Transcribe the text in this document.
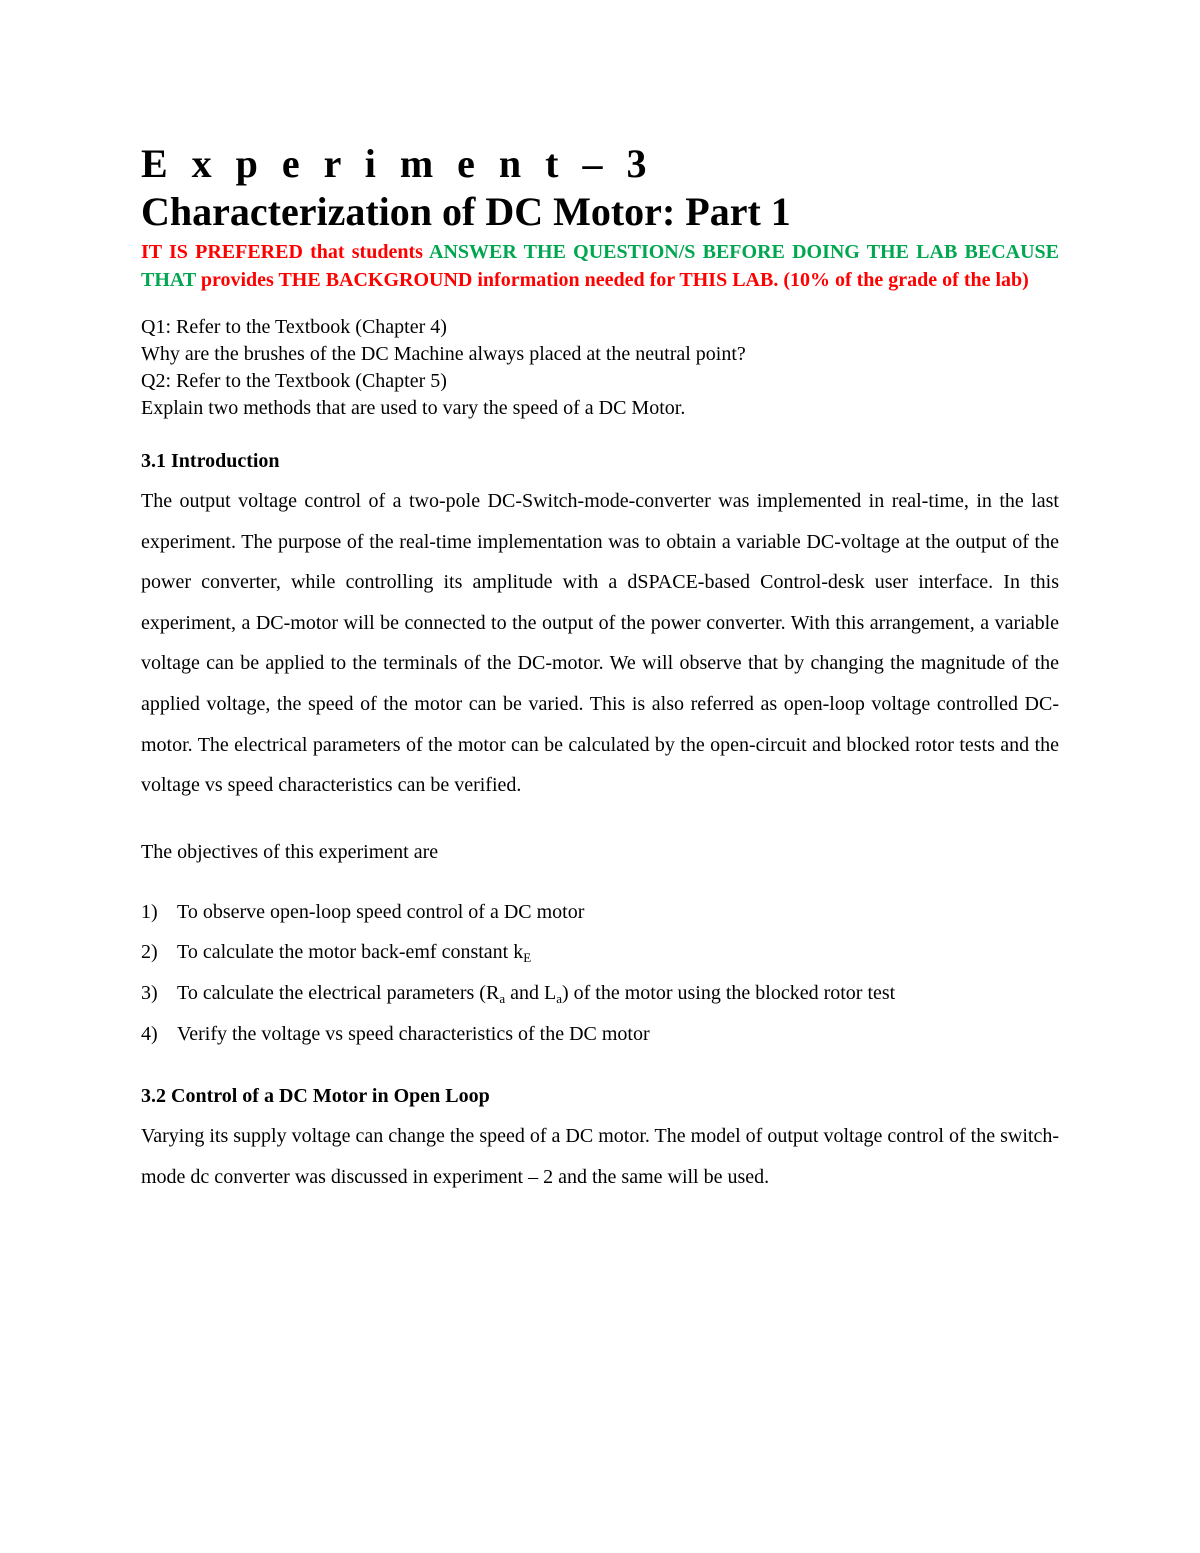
E x p e r i m e n t – 3
Characterization of DC Motor: Part 1

IT IS PREFERED that students ANSWER THE QUESTION/S BEFORE DOING THE LAB BECAUSE THAT provides THE BACKGROUND information needed for THIS LAB. (10% of the grade of the lab)

Q1: Refer to the Textbook (Chapter 4)
Why are the brushes of the DC Machine always placed at the neutral point?
Q2: Refer to the Textbook (Chapter 5)
Explain two methods that are used to vary the speed of a DC Motor.
3.1 Introduction

The output voltage control of a two-pole DC-Switch-mode-converter was implemented in real-time, in the last experiment. The purpose of the real-time implementation was to obtain a variable DC-voltage at the output of the power converter, while controlling its amplitude with a dSPACE-based Control-desk user interface. In this experiment, a DC-motor will be connected to the output of the power converter. With this arrangement, a variable voltage can be applied to the terminals of the DC-motor. We will observe that by changing the magnitude of the applied voltage, the speed of the motor can be varied. This is also referred as open-loop voltage controlled DC-motor. The electrical parameters of the motor can be calculated by the open-circuit and blocked rotor tests and the voltage vs speed characteristics can be verified.

The objectives of this experiment are

1) To observe open-loop speed control of a DC motor
2) To calculate the motor back-emf constant $k_E$
3) To calculate the electrical parameters ($R_a$ and $L_a$) of the motor using the blocked rotor test
4) Verify the voltage vs speed characteristics of the DC motor
3.2 Control of a DC Motor in Open Loop

Varying its supply voltage can change the speed of a DC motor. The model of output voltage control of the switch-mode dc converter was discussed in experiment – 2 and the same will be used.
